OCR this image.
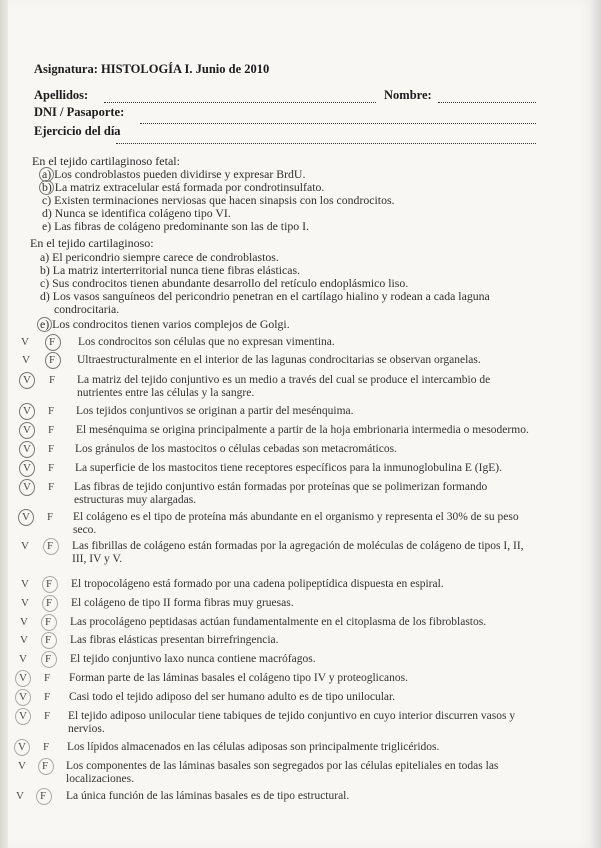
Asignatura: HISTOLOGÍA I. Junio de 2010
Apellidos:	Nombre:
DNI / Pasaporte:
Ejercicio del día
En el tejido cartilaginoso fetal:
a) Los condroblastos pueden dividirse y expresar BrdU.
b) La matriz extracelular está formada por condrotinsulfato.
c) Existen terminaciones nerviosas que hacen sinapsis con los condrocitos.
d) Nunca se identifica colágeno tipo VI.
e) Las fibras de colágeno predominante son las de tipo I.
En el tejido cartilaginoso:
a) El pericondrio siempre carece de condroblastos.
b) La matriz interterritorial nunca tiene fibras elásticas.
c) Sus condrocitos tienen abundante desarrollo del retículo endoplásmico liso.
d) Los vasos sanguíneos del pericondrio penetran en el cartílago hialino y rodean a cada laguna
condrocitaria.
e) Los condrocitos tienen varios complejos de Golgi.
V F Los condrocitos son células que no expresan vimentina.
V F Ultraestructuralmente en el interior de las lagunas condrocitarias se observan organelas.
V F La matriz del tejido conjuntivo es un medio a través del cual se produce el intercambio de
nutrientes entre las células y la sangre.
V F Los tejidos conjuntivos se originan a partir del mesénquima.
V F El mesénquima se origina principalmente a partir de la hoja embrionaria intermedia o mesodermo.
V F Los gránulos de los mastocitos o células cebadas son metacromáticos.
V F La superficie de los mastocitos tiene receptores específicos para la inmunoglobulina E (IgE).
V F Las fibras de tejido conjuntivo están formadas por proteínas que se polimerizan formando
estructuras muy alargadas.
V F El colágeno es el tipo de proteína más abundante en el organismo y representa el 30% de su peso
seco.
V F Las fibrillas de colágeno están formadas por la agregación de moléculas de colágeno de tipos I, II,
III, IV y V.
V F El tropocolágeno está formado por una cadena polipeptídica dispuesta en espiral.
V F El colágeno de tipo II forma fibras muy gruesas.
V F Las procolágeno peptidasas actúan fundamentalmente en el citoplasma de los fibroblastos.
V F Las fibras elásticas presentan birrefringencia.
V F El tejido conjuntivo laxo nunca contiene macrófagos.
V F Forman parte de las láminas basales el colágeno tipo IV y proteoglicanos.
V F Casi todo el tejido adiposo del ser humano adulto es de tipo unilocular.
V F El tejido adiposo unilocular tiene tabiques de tejido conjuntivo en cuyo interior discurren vasos y
nervios.
V F Los lípidos almacenados en las células adiposas son principalmente triglicéridos.
V F Los componentes de las láminas basales son segregados por las células epiteliales en todas las
localizaciones.
V F La única función de las láminas basales es de tipo estructural.
